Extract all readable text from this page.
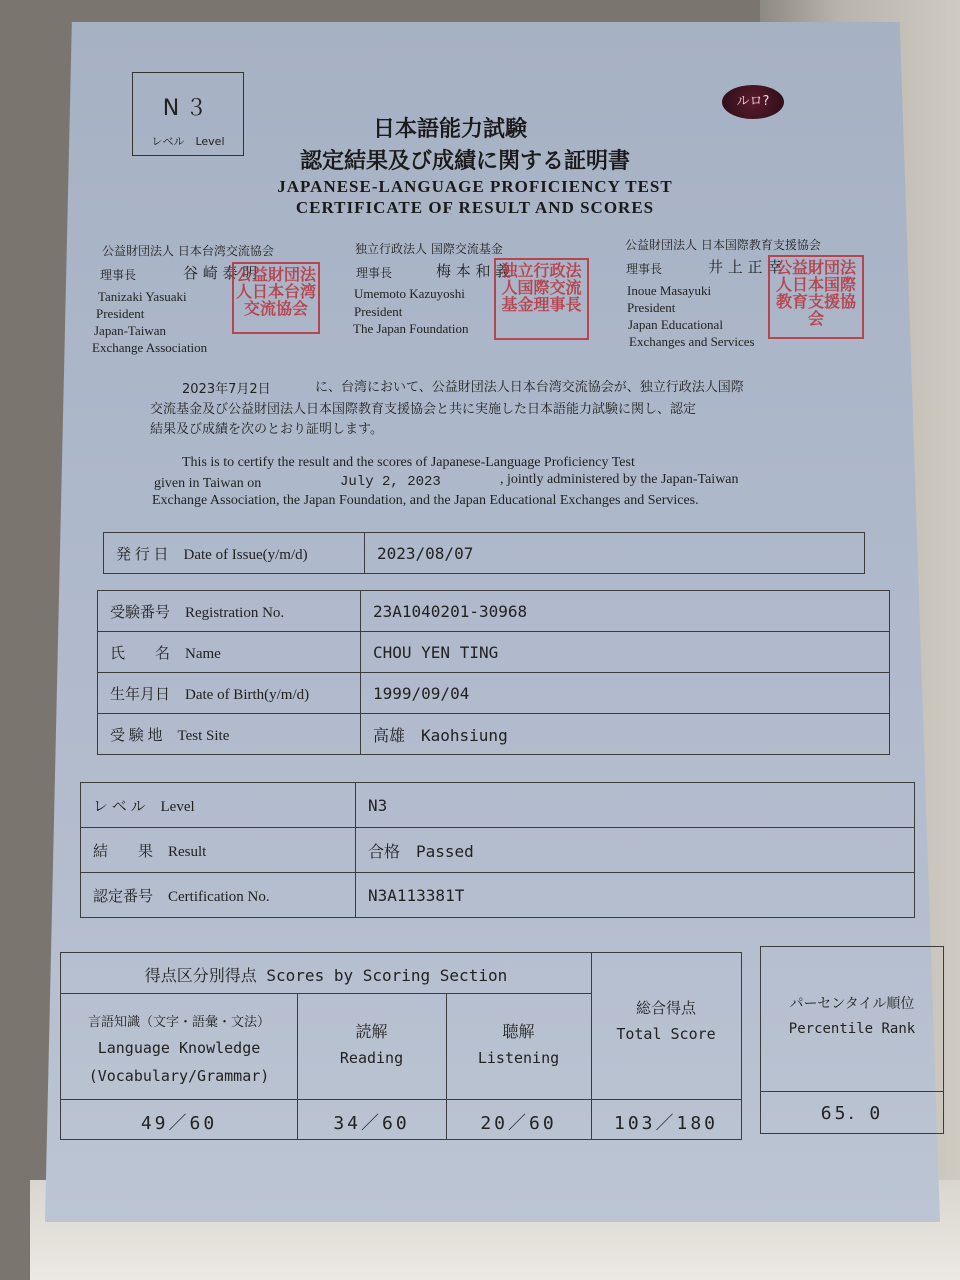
N３
レベル　Level
ルロ?
日本語能力試験
認定結果及び成績に関する証明書
JAPANESE-LANGUAGE PROFICIENCY TEST
CERTIFICATE OF RESULT AND SCORES
公益財団法人 日本台湾交流協会
理事長	谷 崎 泰 明
Tanizaki Yasuaki
President
Japan-Taiwan
Exchange Association
公益財団法人日本台湾交流協会
独立行政法人 国際交流基金
理事長	梅 本 和 義
Umemoto Kazuyoshi
President
The Japan Foundation
独立行政法人国際交流基金理事長
公益財団法人 日本国際教育支援協会
理事長	井 上 正 幸
Inoue Masayuki
President
Japan Educational
Exchanges and Services
公益財団法人日本国際教育支援協会
2023年7月2日	に、台湾において、公益財団法人日本台湾交流協会が、独立行政法人国際
交流基金及び公益財団法人日本国際教育支援協会と共に実施した日本語能力試験に関し、認定
結果及び成績を次のとおり証明します。
This is to certify the result and the scores of Japanese-Language Proficiency Test
given in Taiwan on	July 2, 2023	, jointly administered by the Japan-Taiwan
Exchange Association, the Japan Foundation, and the Japan Educational Exchanges and Services.
発 行 日　Date of Issue(y/m/d)	2023/08/07
受験番号　Registration No.	23A1040201-30968
氏　　名　Name	CHOU YEN TING
生年月日　Date of Birth(y/m/d)	1999/09/04
受 験 地　Test Site	高雄　Kaohsiung
レ ベ ル　Level	N3
結　　果　Result	合格　Passed
認定番号　Certification No.	N3A113381T
得点区分別得点 Scores by Scoring Section
言語知識（文字・語彙・文法）
Language Knowledge
(Vocabulary/Grammar)
読解
Reading
聴解
Listening
総合得点
Total Score
49／60	34／60	20／60	103／180
パーセンタイル順位
Percentile Rank
65．0
